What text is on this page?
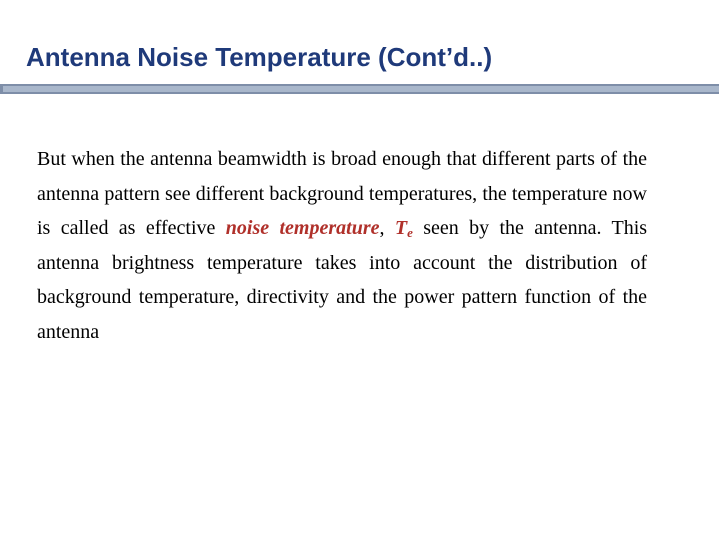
Antenna Noise Temperature (Cont’d..)

But when the antenna beamwidth is broad enough that different parts of the antenna pattern see different background temperatures, the temperature now is called as effective noise temperature, $T_e$ seen by the antenna. This antenna brightness temperature takes into account the distribution of background temperature, directivity and the power pattern function of the antenna
